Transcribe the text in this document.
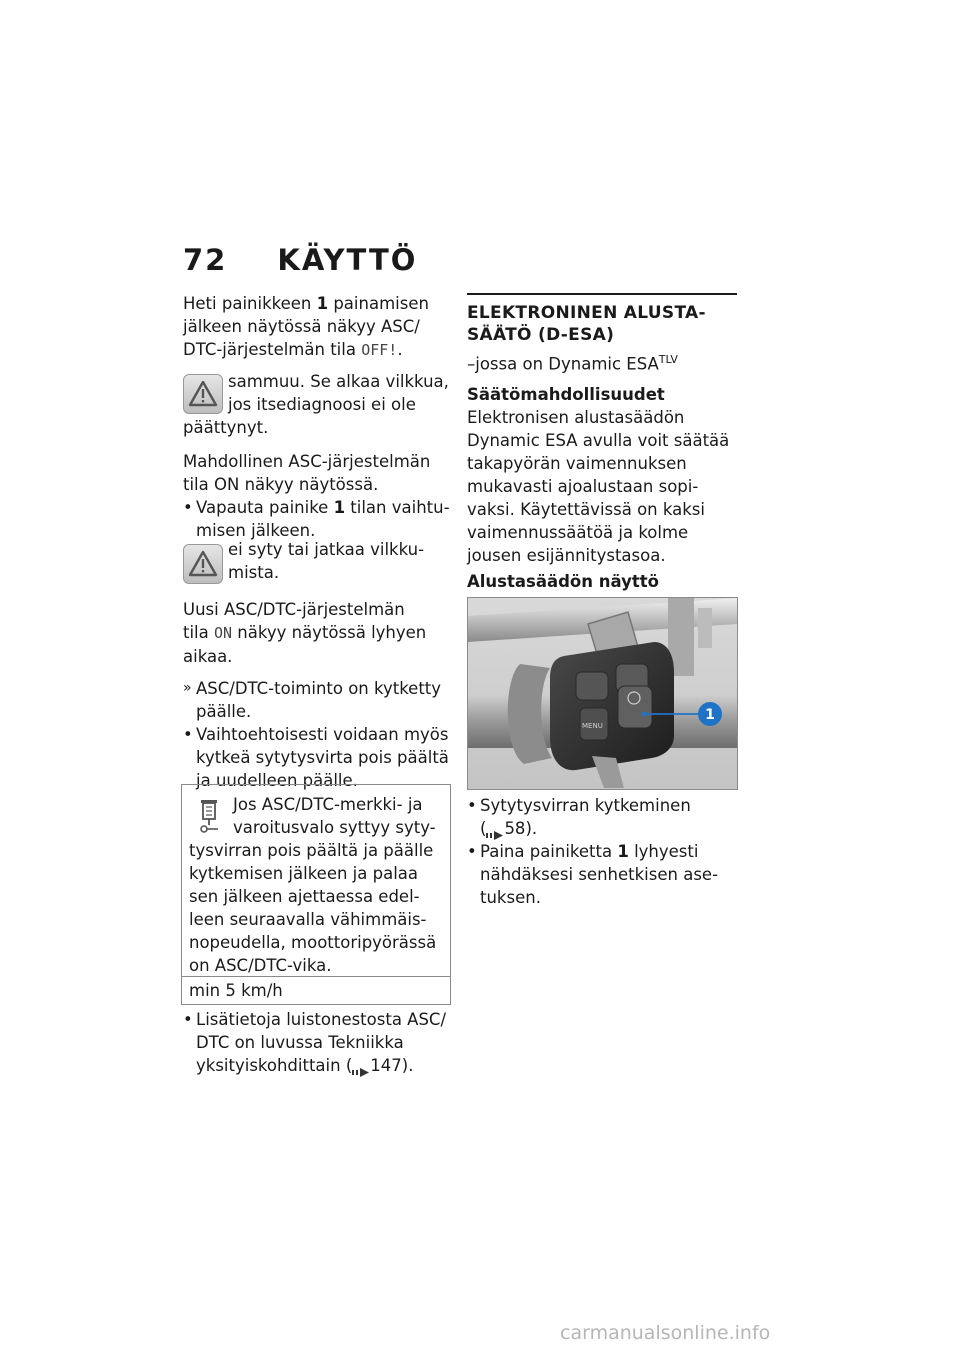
72 KÄYTTÖ
Heti painikkeen 1 painamisen
jälkeen näytössä näkyy ASC/
DTC-järjestelmän tila OFF!.
sammuu. Se alkaa vilkkua,
jos itsediagnoosi ei ole
päättynyt.
Mahdollinen ASC-järjestelmän
tila ON näkyy näytössä.
• Vapauta painike 1 tilan vaihtu-
misen jälkeen.
ei syty tai jatkaa vilkku-
mista.
Uusi ASC/DTC-järjestelmän
tila ON näkyy näytössä lyhyen
aikaa.
» ASC/DTC-toiminto on kytketty
päälle.
• Vaihtoehtoisesti voidaan myös
kytkeä sytytysvirta pois päältä
ja uudelleen päälle.
Jos ASC/DTC-merkki- ja
varoitusvalo syttyy syty-
tysvirran pois päältä ja päälle
kytkemisen jälkeen ja palaa
sen jälkeen ajettaessa edel-
leen seuraavalla vähimmäis-
nopeudella, moottoripyörässä
on ASC/DTC-vika.
min 5 km/h
• Lisätietoja luistonestosta ASC/
DTC on luvussa Tekniikka
yksityiskohdittain ( 147).
ELEKTRONINEN ALUSTA-
SÄÄTÖ (D-ESA)
–jossa on Dynamic $ESA^{TLV}$
Säätömahdollisuudet
Elektronisen alustasäädön
Dynamic ESA avulla voit säätää
takapyörän vaimennuksen
mukavasti ajoalustaan sopi-
vaksi. Käytettävissä on kaksi
vaimennussäätöä ja kolme
jousen esijännitystasoa.
Alustasäädön näyttö
MENU
1
• Sytytysvirran kytkeminen
( 58).
• Paina painiketta 1 lyhyesti
nähdäksesi senhetkisen ase-
tuksen.
carmanualsonline.info
